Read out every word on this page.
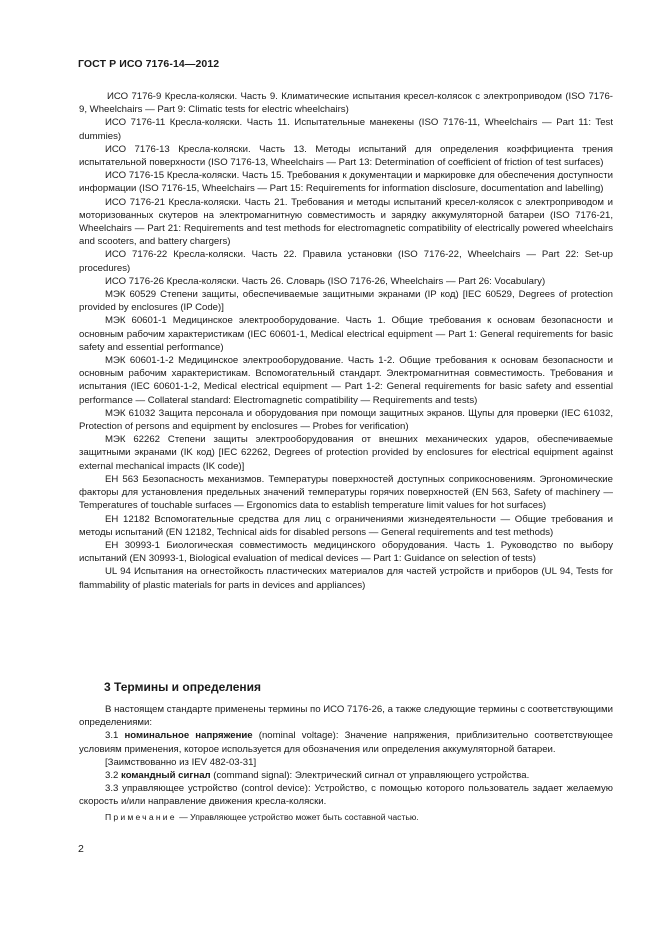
ГОСТ Р ИСО 7176-14—2012

ИСО 7176-9 Кресла-коляски. Часть 9. Климатические испытания кресел-колясок с электроприводом (ISO 7176-9, Wheelchairs — Part 9: Climatic tests for electric wheelchairs)

ИСО 7176-11 Кресла-коляски. Часть 11. Испытательные манекены (ISO 7176-11, Wheelchairs — Part 11: Test dummies)

ИСО 7176-13 Кресла-коляски. Часть 13. Методы испытаний для определения коэффициента трения испытательной поверхности (ISO 7176-13, Wheelchairs — Part 13: Determination of coefficient of friction of test surfaces)

ИСО 7176-15 Кресла-коляски. Часть 15. Требования к документации и маркировке для обеспечения доступности информации (ISO 7176-15, Wheelchairs — Part 15: Requirements for information disclosure, documentation and labelling)

ИСО 7176-21 Кресла-коляски. Часть 21. Требования и методы испытаний кресел-колясок с электроприводом и моторизованных скутеров на электромагнитную совместимость и зарядку аккумуляторной батареи (ISO 7176-21, Wheelchairs — Part 21: Requirements and test methods for electromagnetic compatibility of electrically powered wheelchairs and scooters, and battery chargers)

ИСО 7176-22 Кресла-коляски. Часть 22. Правила установки (ISO 7176-22, Wheelchairs — Part 22: Set-up procedures)

ИСО 7176-26 Кресла-коляски. Часть 26. Словарь (ISO 7176-26, Wheelchairs — Part 26: Vocabulary)

МЭК 60529 Степени защиты, обеспечиваемые защитными экранами (IP код) [IEC 60529, Degrees of protection provided by enclosures (IP Code)]

МЭК 60601-1 Медицинское электрооборудование. Часть 1. Общие требования к основам безопасности и основным рабочим характеристикам (IEC 60601-1, Medical electrical equipment — Part 1: General requirements for basic safety and essential performance)

МЭК 60601-1-2 Медицинское электрооборудование. Часть 1-2. Общие требования к основам безопасности и основным рабочим характеристикам. Вспомогательный стандарт. Электромагнитная совместимость. Требования и испытания (IEC 60601-1-2, Medical electrical equipment — Part 1-2: General requirements for basic safety and essential performance — Collateral standard: Electromagnetic compatibility — Requirements and tests)

МЭК 61032 Защита персонала и оборудования при помощи защитных экранов. Щупы для проверки (IEC 61032, Protection of persons and equipment by enclosures — Probes for verification)

МЭК 62262 Степени защиты электрооборудования от внешних механических ударов, обеспечиваемые защитными экранами (IK код) [IEC 62262, Degrees of protection provided by enclosures for electrical equipment against external mechanical impacts (IK code)]

ЕН 563 Безопасность механизмов. Температуры поверхностей доступных соприкосновениям. Эргономические факторы для установления предельных значений температуры горячих поверхностей (EN 563, Safety of machinery — Temperatures of touchable surfaces — Ergonomics data to establish temperature limit values for hot surfaces)

ЕН 12182 Вспомогательные средства для лиц с ограничениями жизнедеятельности — Общие требования и методы испытаний (EN 12182, Technical aids for disabled persons — General requirements and test methods)

ЕН 30993-1 Биологическая совместимость медицинского оборудования. Часть 1. Руководство по выбору испытаний (EN 30993-1, Biological evaluation of medical devices — Part 1: Guidance on selection of tests)

UL 94 Испытания на огнестойкость пластических материалов для частей устройств и приборов (UL 94, Tests for flammability of plastic materials for parts in devices and appliances)

3 Термины и определения

В настоящем стандарте применены термины по ИСО 7176-26, а также следующие термины с соответствующими определениями:

3.1 номинальное напряжение (nominal voltage): Значение напряжения, приблизительно соответствующее условиям применения, которое используется для обозначения или определения аккумуляторной батареи.

[Заимствованно из IEV 482-03-31]

3.2 командный сигнал (command signal): Электрический сигнал от управляющего устройства.

3.3 управляющее устройство (control device): Устройство, с помощью которого пользователь задает желаемую скорость и/или направление движения кресла-коляски.

Примечание — Управляющее устройство может быть составной частью.

2
